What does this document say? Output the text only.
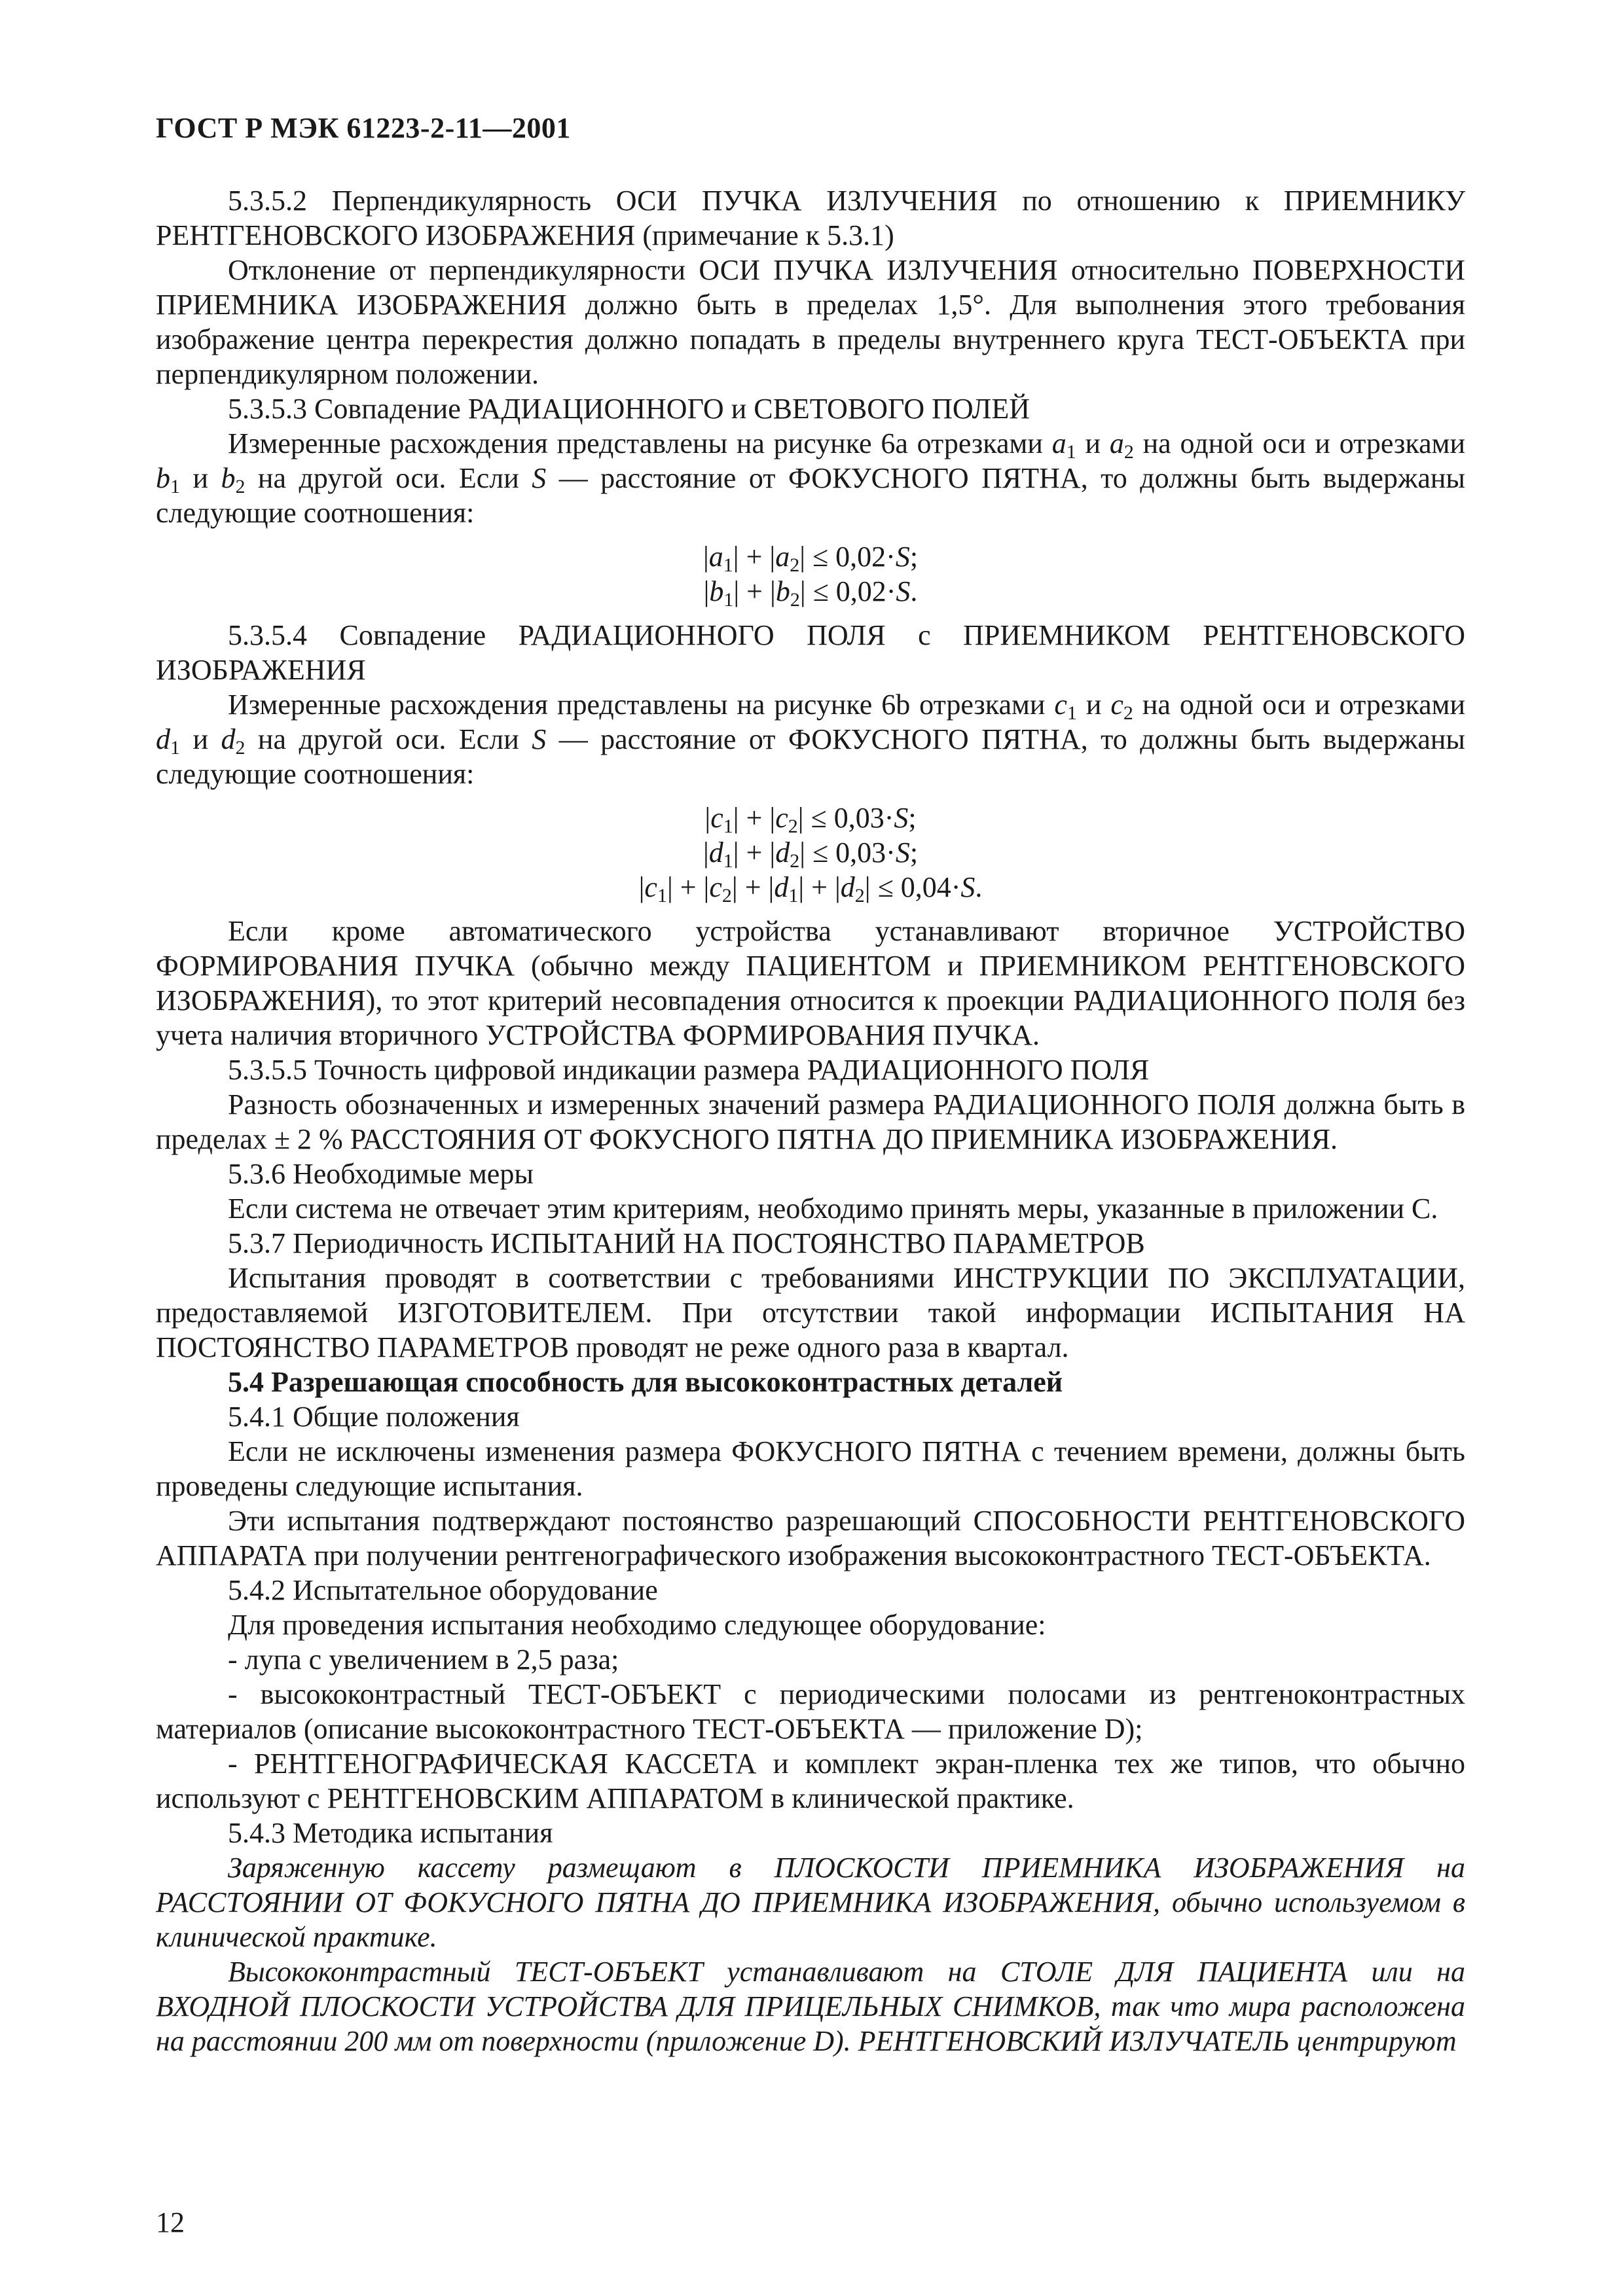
ГОСТ Р МЭК 61223-2-11—2001

5.3.5.2 Перпендикулярность ОСИ ПУЧКА ИЗЛУЧЕНИЯ по отношению к ПРИЕМНИКУ РЕНТГЕНОВСКОГО ИЗОБРАЖЕНИЯ (примечание к 5.3.1)

Отклонение от перпендикулярности ОСИ ПУЧКА ИЗЛУЧЕНИЯ относительно ПОВЕРХНОСТИ ПРИЕМНИКА ИЗОБРАЖЕНИЯ должно быть в пределах 1,5°. Для выполнения этого требования изображение центра перекрестия должно попадать в пределы внутреннего круга ТЕСТ-ОБЪЕКТА при перпендикулярном положении.

5.3.5.3 Совпадение РАДИАЦИОННОГО и СВЕТОВОГО ПОЛЕЙ

Измеренные расхождения представлены на рисунке 6а отрезками $a_1$ и $a_2$ на одной оси и отрезками $b_1$ и $b_2$ на другой оси. Если S — расстояние от ФОКУСНОГО ПЯТНА, то должны быть выдержаны следующие соотношения:

$|a_1| + |a_2| \le 0,02\cdot S$;
$|b_1| + |b_2| \le 0,02\cdot S$.

5.3.5.4 Совпадение РАДИАЦИОННОГО ПОЛЯ с ПРИЕМНИКОМ РЕНТГЕНОВСКОГО ИЗОБРАЖЕНИЯ

Измеренные расхождения представлены на рисунке 6b отрезками $c_1$ и $c_2$ на одной оси и отрезками $d_1$ и $d_2$ на другой оси. Если S — расстояние от ФОКУСНОГО ПЯТНА, то должны быть выдержаны следующие соотношения:

$|c_1| + |c_2| \le 0,03\cdot S$;
$|d_1| + |d_2| \le 0,03\cdot S$;
$|c_1| + |c_2| + |d_1| + |d_2| \le 0,04\cdot S$.

Если кроме автоматического устройства устанавливают вторичное УСТРОЙСТВО ФОРМИРОВАНИЯ ПУЧКА (обычно между ПАЦИЕНТОМ и ПРИЕМНИКОМ РЕНТГЕНОВСКОГО ИЗОБРАЖЕНИЯ), то этот критерий несовпадения относится к проекции РАДИАЦИОННОГО ПОЛЯ без учета наличия вторичного УСТРОЙСТВА ФОРМИРОВАНИЯ ПУЧКА.

5.3.5.5 Точность цифровой индикации размера РАДИАЦИОННОГО ПОЛЯ

Разность обозначенных и измеренных значений размера РАДИАЦИОННОГО ПОЛЯ должна быть в пределах ± 2 % РАССТОЯНИЯ ОТ ФОКУСНОГО ПЯТНА ДО ПРИЕМНИКА ИЗОБРАЖЕНИЯ.

5.3.6 Необходимые меры

Если система не отвечает этим критериям, необходимо принять меры, указанные в приложении С.

5.3.7 Периодичность ИСПЫТАНИЙ НА ПОСТОЯНСТВО ПАРАМЕТРОВ

Испытания проводят в соответствии с требованиями ИНСТРУКЦИИ ПО ЭКСПЛУАТАЦИИ, предоставляемой ИЗГОТОВИТЕЛЕМ. При отсутствии такой информации ИСПЫТАНИЯ НА ПОСТОЯНСТВО ПАРАМЕТРОВ проводят не реже одного раза в квартал.

5.4 Разрешающая способность для высококонтрастных деталей

5.4.1 Общие положения

Если не исключены изменения размера ФОКУСНОГО ПЯТНА с течением времени, должны быть проведены следующие испытания.

Эти испытания подтверждают постоянство разрешающий СПОСОБНОСТИ РЕНТГЕНОВСКОГО АППАРАТА при получении рентгенографического изображения высококонтрастного ТЕСТ-ОБЪЕКТА.

5.4.2 Испытательное оборудование

Для проведения испытания необходимо следующее оборудование:

- лупа с увеличением в 2,5 раза;

- высококонтрастный ТЕСТ-ОБЪЕКТ с периодическими полосами из рентгеноконтрастных материалов (описание высококонтрастного ТЕСТ-ОБЪЕКТА — приложение D);

- РЕНТГЕНОГРАФИЧЕСКАЯ КАССЕТА и комплект экран-пленка тех же типов, что обычно используют с РЕНТГЕНОВСКИМ АППАРАТОМ в клинической практике.

5.4.3 Методика испытания

Заряженную кассету размещают в ПЛОСКОСТИ ПРИЕМНИКА ИЗОБРАЖЕНИЯ на РАССТОЯНИИ ОТ ФОКУСНОГО ПЯТНА ДО ПРИЕМНИКА ИЗОБРАЖЕНИЯ, обычно используемом в клинической практике.

Высококонтрастный ТЕСТ-ОБЪЕКТ устанавливают на СТОЛЕ ДЛЯ ПАЦИЕНТА или на ВХОДНОЙ ПЛОСКОСТИ УСТРОЙСТВА ДЛЯ ПРИЦЕЛЬНЫХ СНИМКОВ, так что мира расположена на расстоянии 200 мм от поверхности (приложение D). РЕНТГЕНОВСКИЙ ИЗЛУЧАТЕЛЬ центрируют

12
